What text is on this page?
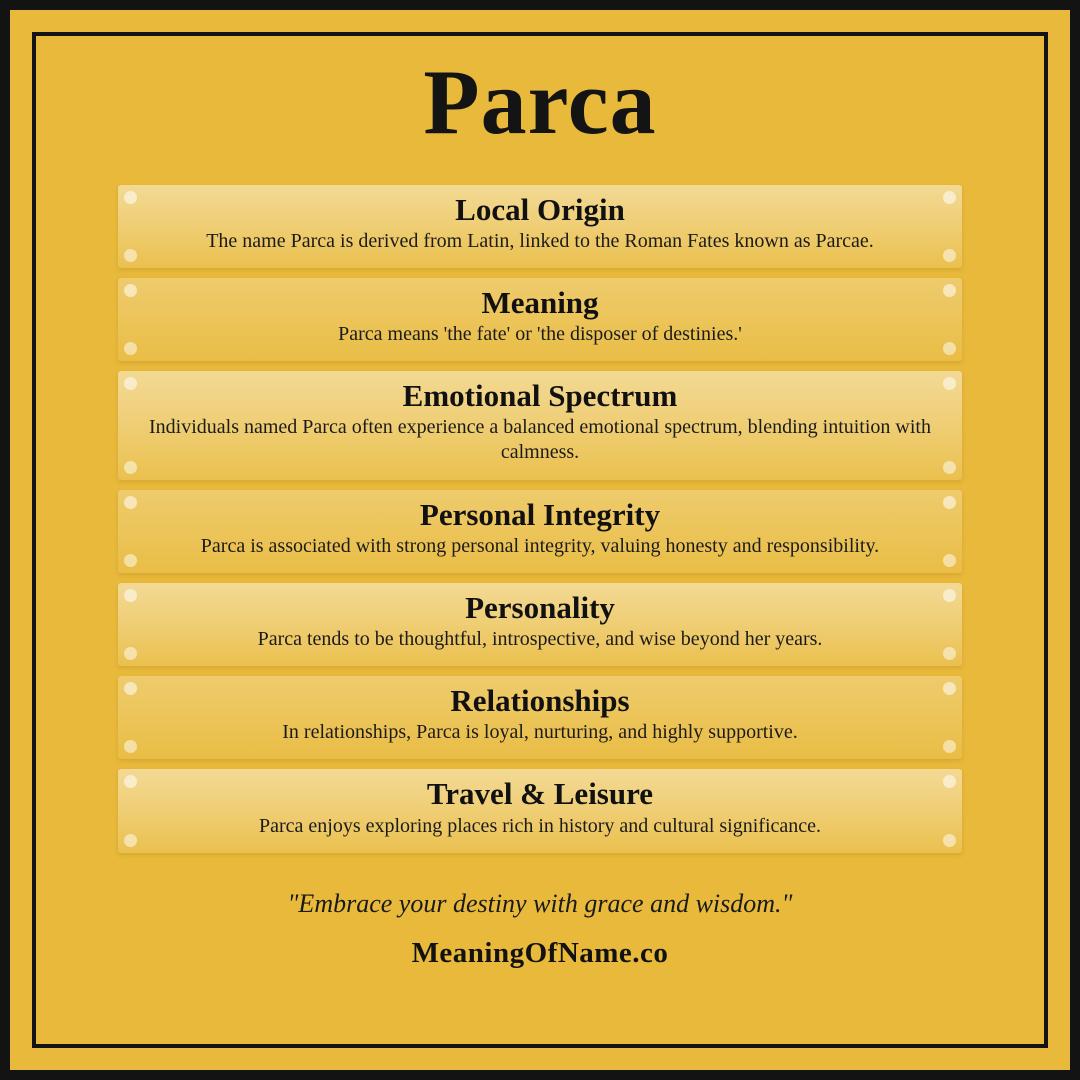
Parca
Local Origin
The name Parca is derived from Latin, linked to the Roman Fates known as Parcae.
Meaning
Parca means 'the fate' or 'the disposer of destinies.'
Emotional Spectrum
Individuals named Parca often experience a balanced emotional spectrum, blending intuition with calmness.
Personal Integrity
Parca is associated with strong personal integrity, valuing honesty and responsibility.
Personality
Parca tends to be thoughtful, introspective, and wise beyond her years.
Relationships
In relationships, Parca is loyal, nurturing, and highly supportive.
Travel & Leisure
Parca enjoys exploring places rich in history and cultural significance.
"Embrace your destiny with grace and wisdom."
MeaningOfName.co
